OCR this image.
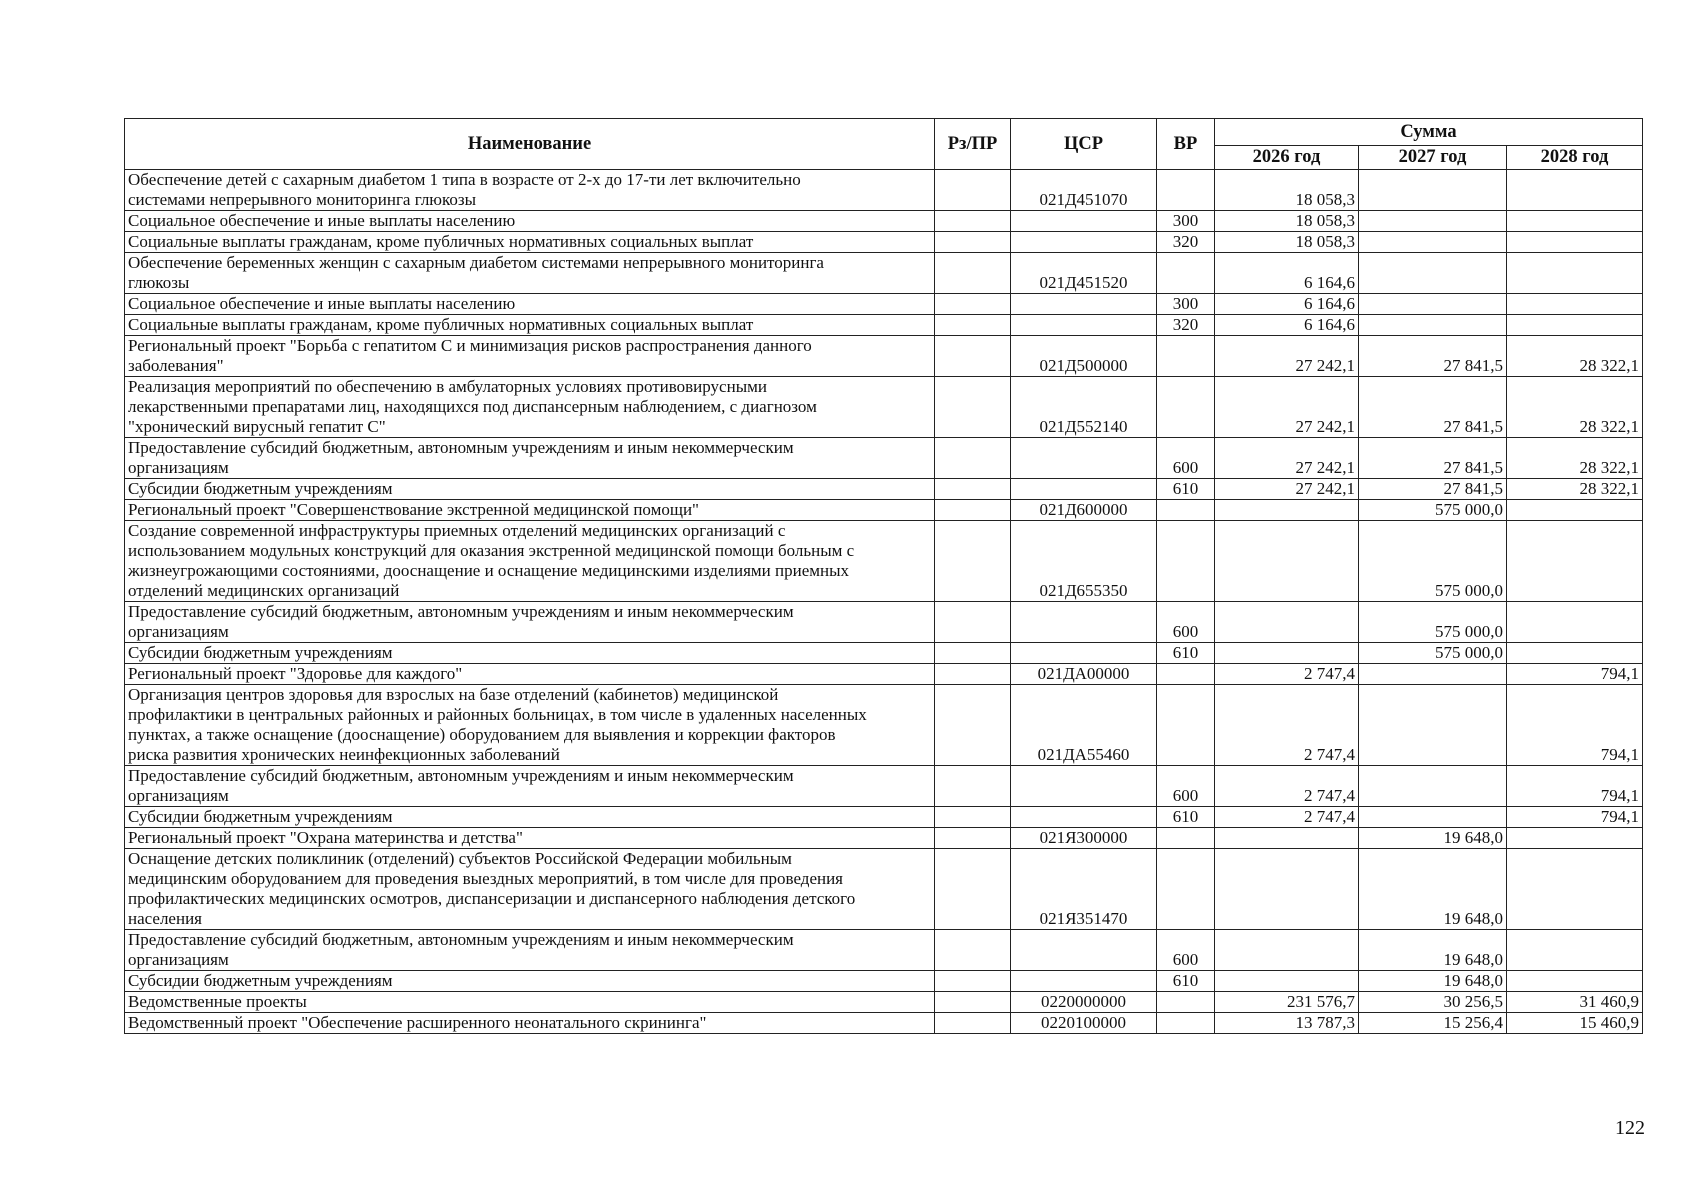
Наименование	Рз/ПР	ЦСР	ВР	Сумма		
				2026 год	2027 год	2028 год
Обеспечение детей с сахарным диабетом 1 типа в возрасте от 2-х до 17-ти лет включительно
системами непрерывного мониторинга глюкозы		021Д451070		18 058,3		
Социальное обеспечение и иные выплаты населению			300	18 058,3		
Социальные выплаты гражданам, кроме публичных нормативных социальных выплат			320	18 058,3		
Обеспечение беременных женщин с сахарным диабетом системами непрерывного мониторинга
глюкозы		021Д451520		6 164,6		
Социальное обеспечение и иные выплаты населению			300	6 164,6		
Социальные выплаты гражданам, кроме публичных нормативных социальных выплат			320	6 164,6		
Региональный проект "Борьба с гепатитом С и минимизация рисков распространения данного
заболевания"		021Д500000		27 242,1	27 841,5	28 322,1
Реализация мероприятий по обеспечению в амбулаторных условиях противовирусными
лекарственными препаратами лиц, находящихся под диспансерным наблюдением, с диагнозом
"хронический вирусный гепатит С"		021Д552140		27 242,1	27 841,5	28 322,1
Предоставление субсидий бюджетным, автономным учреждениям и иным некоммерческим
организациям			600	27 242,1	27 841,5	28 322,1
Субсидии бюджетным учреждениям			610	27 242,1	27 841,5	28 322,1
Региональный проект "Совершенствование экстренной медицинской помощи"		021Д600000			575 000,0	
Создание современной инфраструктуры приемных отделений медицинских организаций с
использованием модульных конструкций для оказания экстренной медицинской помощи больным с
жизнеугрожающими состояниями, дооснащение и оснащение медицинскими изделиями приемных
отделений медицинских организаций		021Д655350			575 000,0	
Предоставление субсидий бюджетным, автономным учреждениям и иным некоммерческим
организациям			600		575 000,0	
Субсидии бюджетным учреждениям			610		575 000,0	
Региональный проект "Здоровье для каждого"		021ДА00000		2 747,4		794,1
Организация центров здоровья для взрослых на базе отделений (кабинетов) медицинской
профилактики в центральных районных и районных больницах, в том числе в удаленных населенных
пунктах, а также оснащение (дооснащение) оборудованием для выявления и коррекции факторов
риска развития хронических неинфекционных заболеваний		021ДА55460		2 747,4		794,1
Предоставление субсидий бюджетным, автономным учреждениям и иным некоммерческим
организациям			600	2 747,4		794,1
Субсидии бюджетным учреждениям			610	2 747,4		794,1
Региональный проект "Охрана материнства и детства"		021Я300000			19 648,0	
Оснащение детских поликлиник (отделений) субъектов Российской Федерации мобильным
медицинским оборудованием для проведения выездных мероприятий, в том числе для проведения
профилактических медицинских осмотров, диспансеризации и диспансерного наблюдения детского
населения		021Я351470			19 648,0	
Предоставление субсидий бюджетным, автономным учреждениям и иным некоммерческим
организациям			600		19 648,0	
Субсидии бюджетным учреждениям			610		19 648,0	
Ведомственные проекты		0220000000		231 576,7	30 256,5	31 460,9
Ведомственный проект "Обеспечение расширенного неонатального скрининга"		0220100000		13 787,3	15 256,4	15 460,9
122
